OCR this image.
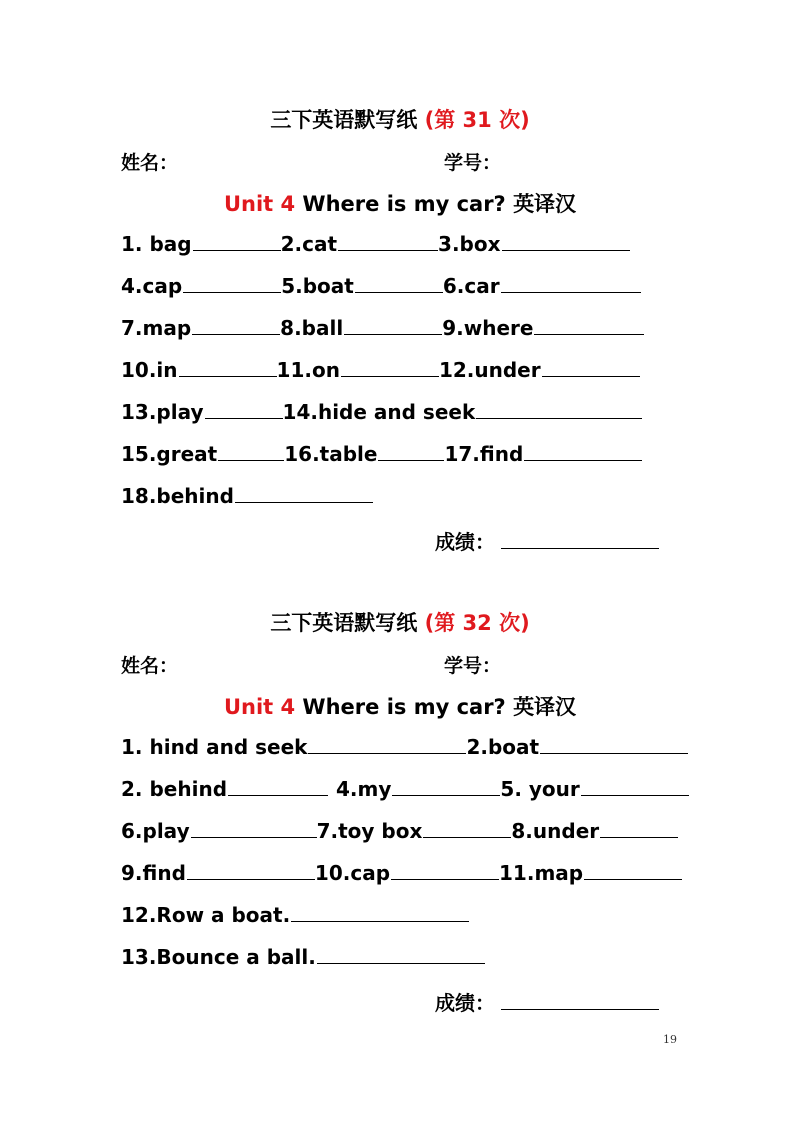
三下英语默写纸 (第 31 次)
姓名：	学号：
Unit 4 Where is my car? 英译汉
1. bag	2.cat	3.box
4.cap	5.boat	6.car
7.map	8.ball	9.where
10.in	11.on	12.under
13.play	14.hide and seek
15.great	16.table	17.find
18.behind
成绩：
三下英语默写纸 (第 32 次)
姓名：	学号：
Unit 4 Where is my car? 英译汉
1. hind and seek	2.boat
2. behind	4.my	5. your
6.play	7.toy box	8.under
9.find	10.cap	11.map
12.Row a boat.
13.Bounce a ball.
成绩：
19
